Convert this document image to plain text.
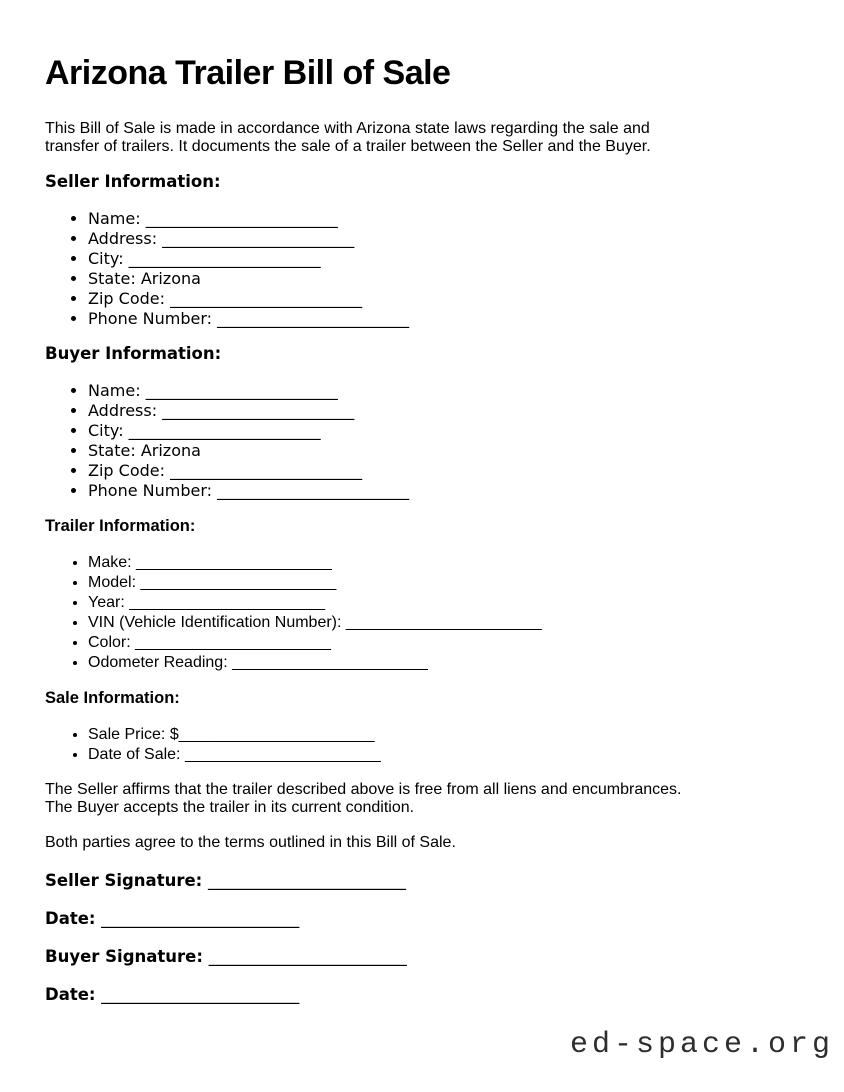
Arizona Trailer Bill of Sale

This Bill of Sale is made in accordance with Arizona state laws regarding the sale and
transfer of trailers. It documents the sale of a trailer between the Seller and the Buyer.

Seller Information:
• Name: ________________________
• Address: ________________________
• City: ________________________
• State: Arizona
• Zip Code: ________________________
• Phone Number: ________________________
Buyer Information:
• Name: ________________________
• Address: ________________________
• City: ________________________
• State: Arizona
• Zip Code: ________________________
• Phone Number: ________________________
Trailer Information:
• Make: ______________________
• Model: ______________________
• Year: ______________________
• VIN (Vehicle Identification Number): ______________________
• Color: ______________________
• Odometer Reading: ______________________
Sale Information:
• Sale Price: $______________________
• Date of Sale: ______________________

The Seller affirms that the trailer described above is free from all liens and encumbrances.
The Buyer accepts the trailer in its current condition.

Both parties agree to the terms outlined in this Bill of Sale.

Seller Signature: ________________________

Date: ________________________

Buyer Signature: ________________________

Date: ________________________

ed-space.org
